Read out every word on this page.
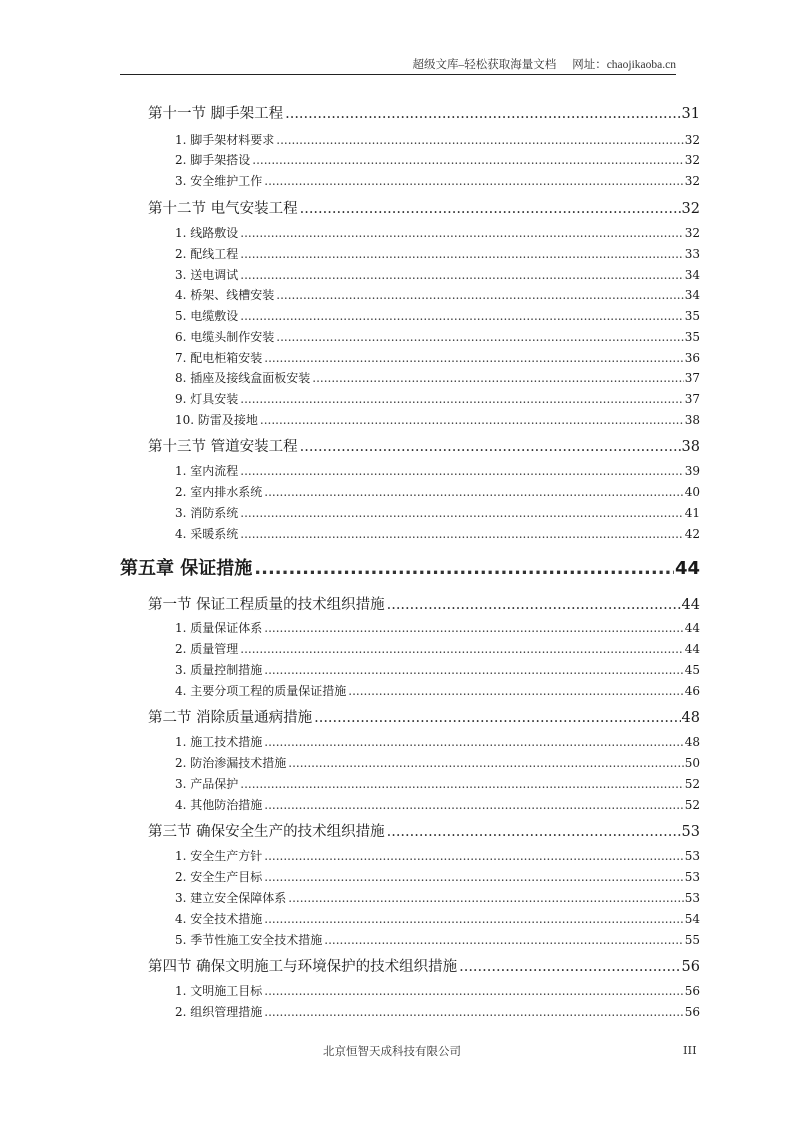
超级文库–轻松获取海量文档 网址：chaojikaoba.cn
第十一节 脚手架工程 .....	31
1. 脚手架材料要求 .....	32
2. 脚手架搭设 .....	32
3. 安全维护工作 .....	32
第十二节 电气安装工程 .....	32
1. 线路敷设 .....	32
2. 配线工程 .....	33
3. 送电调试 .....	34
4. 桥架、线槽安装 .....	34
5. 电缆敷设 .....	35
6. 电缆头制作安装 .....	35
7. 配电柜箱安装 .....	36
8. 插座及接线盒面板安装 .....	37
9. 灯具安装 .....	37
10. 防雷及接地 .....	38
第十三节 管道安装工程 .....	38
1. 室内流程 .....	39
2. 室内排水系统 .....	40
3. 消防系统 .....	41
4. 采暖系统 .....	42
第五章 保证措施 .....	44
第一节 保证工程质量的技术组织措施 .....	44
1. 质量保证体系 .....	44
2. 质量管理 .....	44
3. 质量控制措施 .....	45
4. 主要分项工程的质量保证措施 .....	46
第二节 消除质量通病措施 .....	48
1. 施工技术措施 .....	48
2. 防治渗漏技术措施 .....	50
3. 产品保护 .....	52
4. 其他防治措施 .....	52
第三节 确保安全生产的技术组织措施 .....	53
1. 安全生产方针 .....	53
2. 安全生产目标 .....	53
3. 建立安全保障体系 .....	53
4. 安全技术措施 .....	54
5. 季节性施工安全技术措施 .....	55
第四节 确保文明施工与环境保护的技术组织措施 .....	56
1. 文明施工目标 .....	56
2. 组织管理措施 .....	56
北京恒智天成科技有限公司	III
